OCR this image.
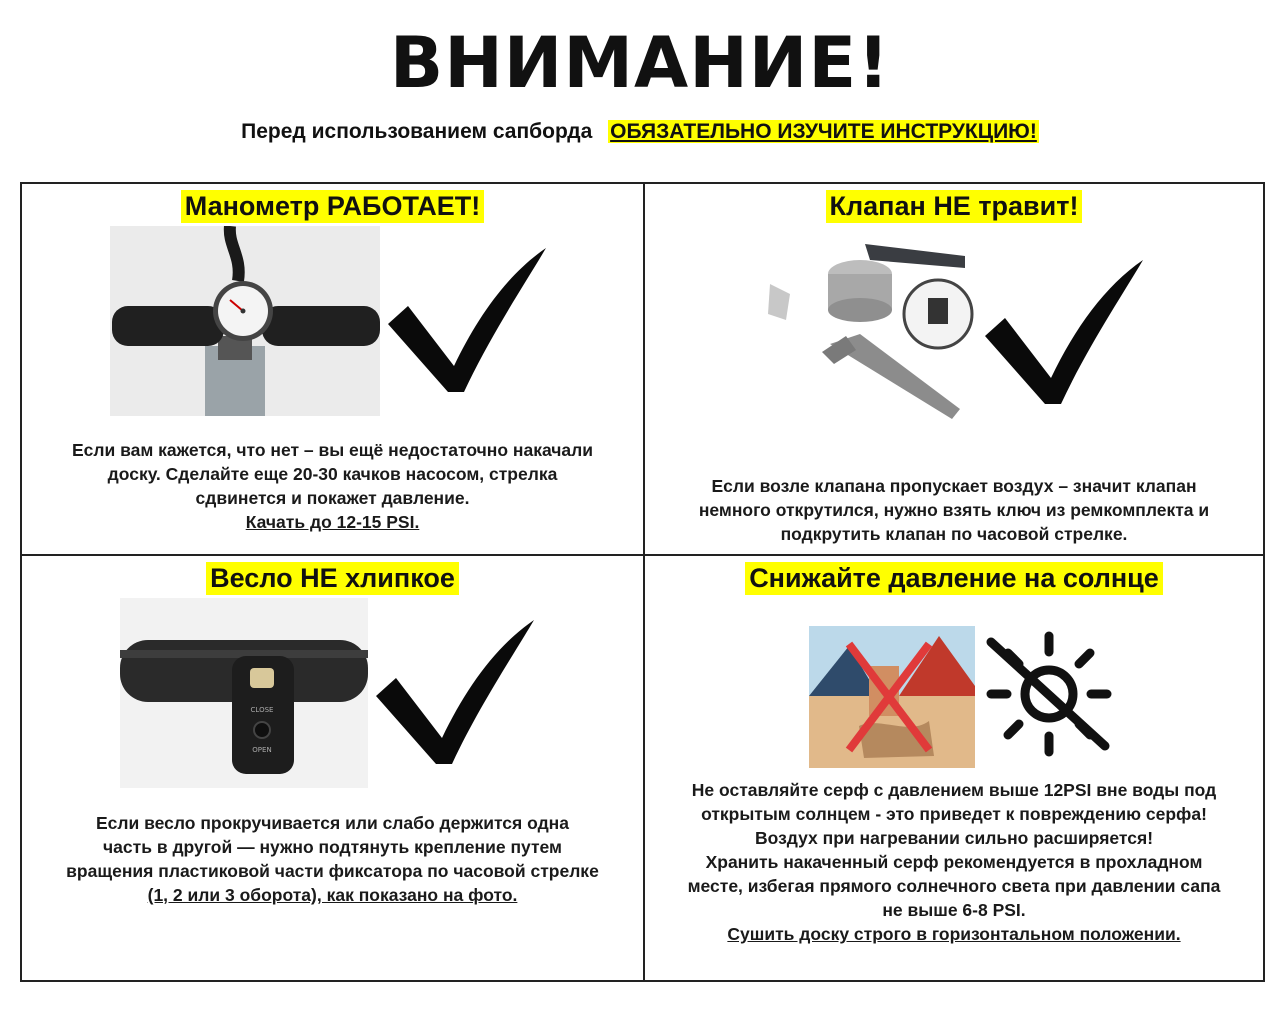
ВНИМАНИЕ!
Перед использованием сапборда ОБЯЗАТЕЛЬНО ИЗУЧИТЕ ИНСТРУКЦИЮ!
Манометр РАБОТАЕТ!
Если вам кажется, что нет – вы ещё недостаточно накачали
доску. Сделайте еще 20-30 качков насосом, стрелка
сдвинется и покажет давление.
Качать до 12-15 PSI.
Клапан НЕ травит!
Если возле клапана пропускает воздух – значит клапан
немного открутился, нужно взять ключ из ремкомплекта и
подкрутить клапан по часовой стрелке.
Весло НЕ хлипкое
CLOSE
OPEN
Если весло прокручивается или слабо держится одна
часть в другой — нужно подтянуть крепление путем
вращения пластиковой части фиксатора по часовой стрелке
(1, 2 или 3 оборота), как показано на фото.
Снижайте давление на солнце
Не оставляйте серф с давлением выше 12PSI вне воды под
открытым солнцем - это приведет к повреждению серфа!
Воздух при нагревании сильно расширяется!
Хранить накаченный серф рекомендуется в прохладном
месте, избегая прямого солнечного света при давлении сапа
не выше 6-8 PSI.
Сушить доску строго в горизонтальном положении.
